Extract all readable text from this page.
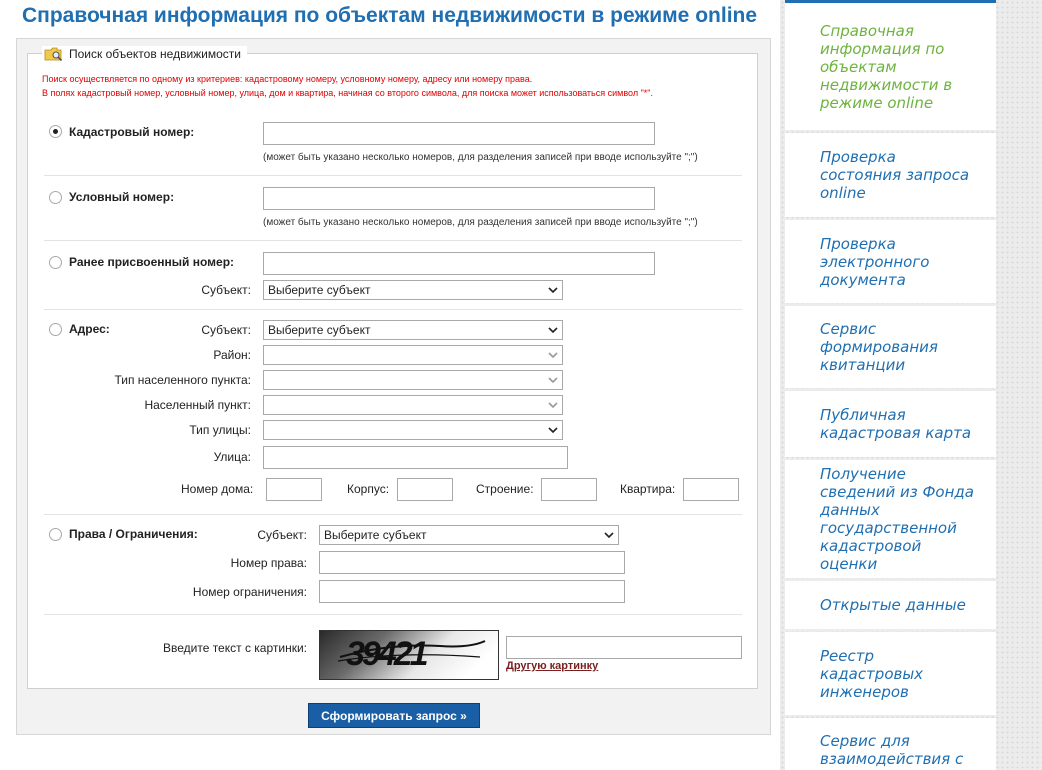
Справочная информация по объектам недвижимости в режиме online
Поиск объектов недвижимости
Поиск осуществляется по одному из критериев: кадастровому номеру, условному номеру, адресу или номеру права.
В полях кадастровый номер, условный номер, улица, дом и квартира, начиная со второго символа, для поиска может использоваться символ "*".
Кадастровый номер:
(может быть указано несколько номеров, для разделения записей при вводе используйте ";")
Условный номер:
(может быть указано несколько номеров, для разделения записей при вводе используйте ";")
Ранее присвоенный номер:
Субъект:	Выберите субъект
Адрес:	Субъект:	Выберите субъект
Район:
Тип населенного пункта:
Населенный пункт:
Тип улицы:
Улица:
Номер дома:	Корпус:	Строение:	Квартира:
Права / Ограничения:	Субъект:	Выберите субъект
Номер права:
Номер ограничения:
Введите текст с картинки: 39421	Другую картинку
Сформировать запрос »
Справочная информация по объектам недвижимости в режиме online
Проверка состояния запроса online
Проверка электронного документа
Сервис формирования квитанции
Публичная кадастровая карта
Получение сведений из Фонда данных государственной кадастровой оценки
Открытые данные
Реестр кадастровых инженеров
Сервис для взаимодействия с
